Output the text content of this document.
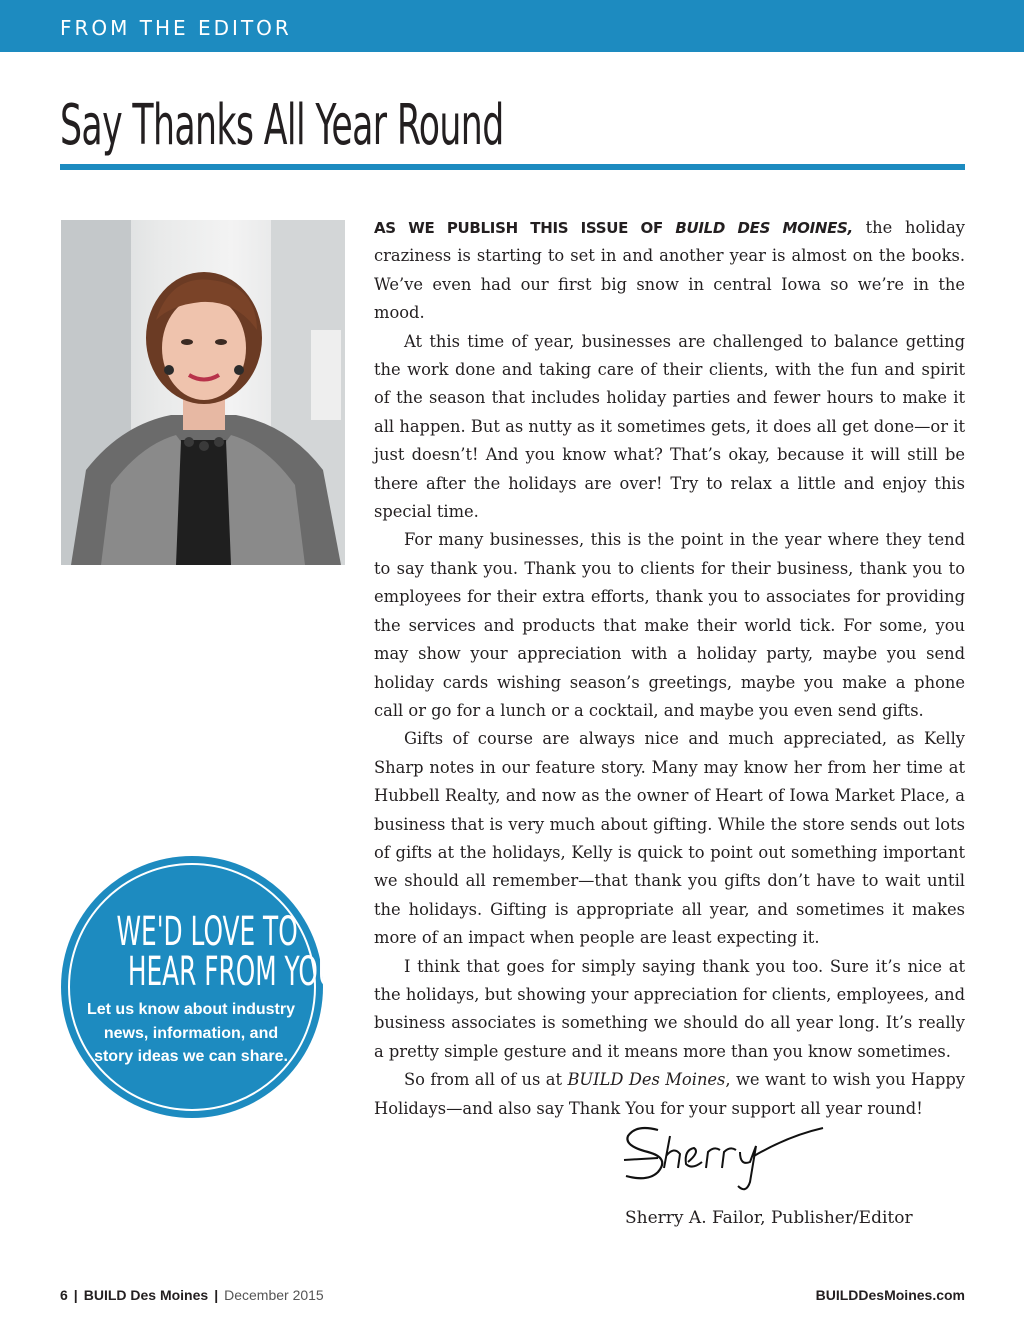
FROM THE EDITOR
Say Thanks All Year Round

AS WE PUBLISH THIS ISSUE OF BUILD DES MOINES, the holiday craziness is starting to set in and another year is almost on the books. We’ve even had our first big snow in central Iowa so we’re in the mood.

At this time of year, businesses are challenged to balance getting the work done and taking care of their clients, with the fun and spirit of the season that includes holiday parties and fewer hours to make it all happen. But as nutty as it sometimes gets, it does all get done—or it just doesn’t! And you know what? That’s okay, because it will still be there after the holidays are over! Try to relax a little and enjoy this special time.

For many businesses, this is the point in the year where they tend to say thank you. Thank you to clients for their business, thank you to employees for their extra efforts, thank you to associates for providing the services and products that make their world tick. For some, you may show your appreciation with a holiday party, maybe you send holiday cards wishing season’s greetings, maybe you make a phone call or go for a lunch or a cocktail, and maybe you even send gifts.

Gifts of course are always nice and much appreciated, as Kelly Sharp notes in our feature story. Many may know her from her time at Hubbell Realty, and now as the owner of Heart of Iowa Market Place, a business that is very much about gifting. While the store sends out lots of gifts at the holidays, Kelly is quick to point out something important we should all remember—that thank you gifts don’t have to wait until the holidays. Gifting is appropriate all year, and sometimes it makes more of an impact when people are least expecting it.

I think that goes for simply saying thank you too. Sure it’s nice at the holidays, but showing your appreciation for clients, employees, and business associates is something we should do all year long. It’s really a pretty simple gesture and it means more than you know sometimes.

So from all of us at BUILD Des Moines, we want to wish you Happy Holidays—and also say Thank You for your support all year round!

WE'D LOVE TO
HEAR FROM YOU!
Let us know about industry news, information, and story ideas we can share.
Sherry A. Failor, Publisher/Editor
6 | BUILD Des Moines | December 2015	BUILDDesMoines.com
